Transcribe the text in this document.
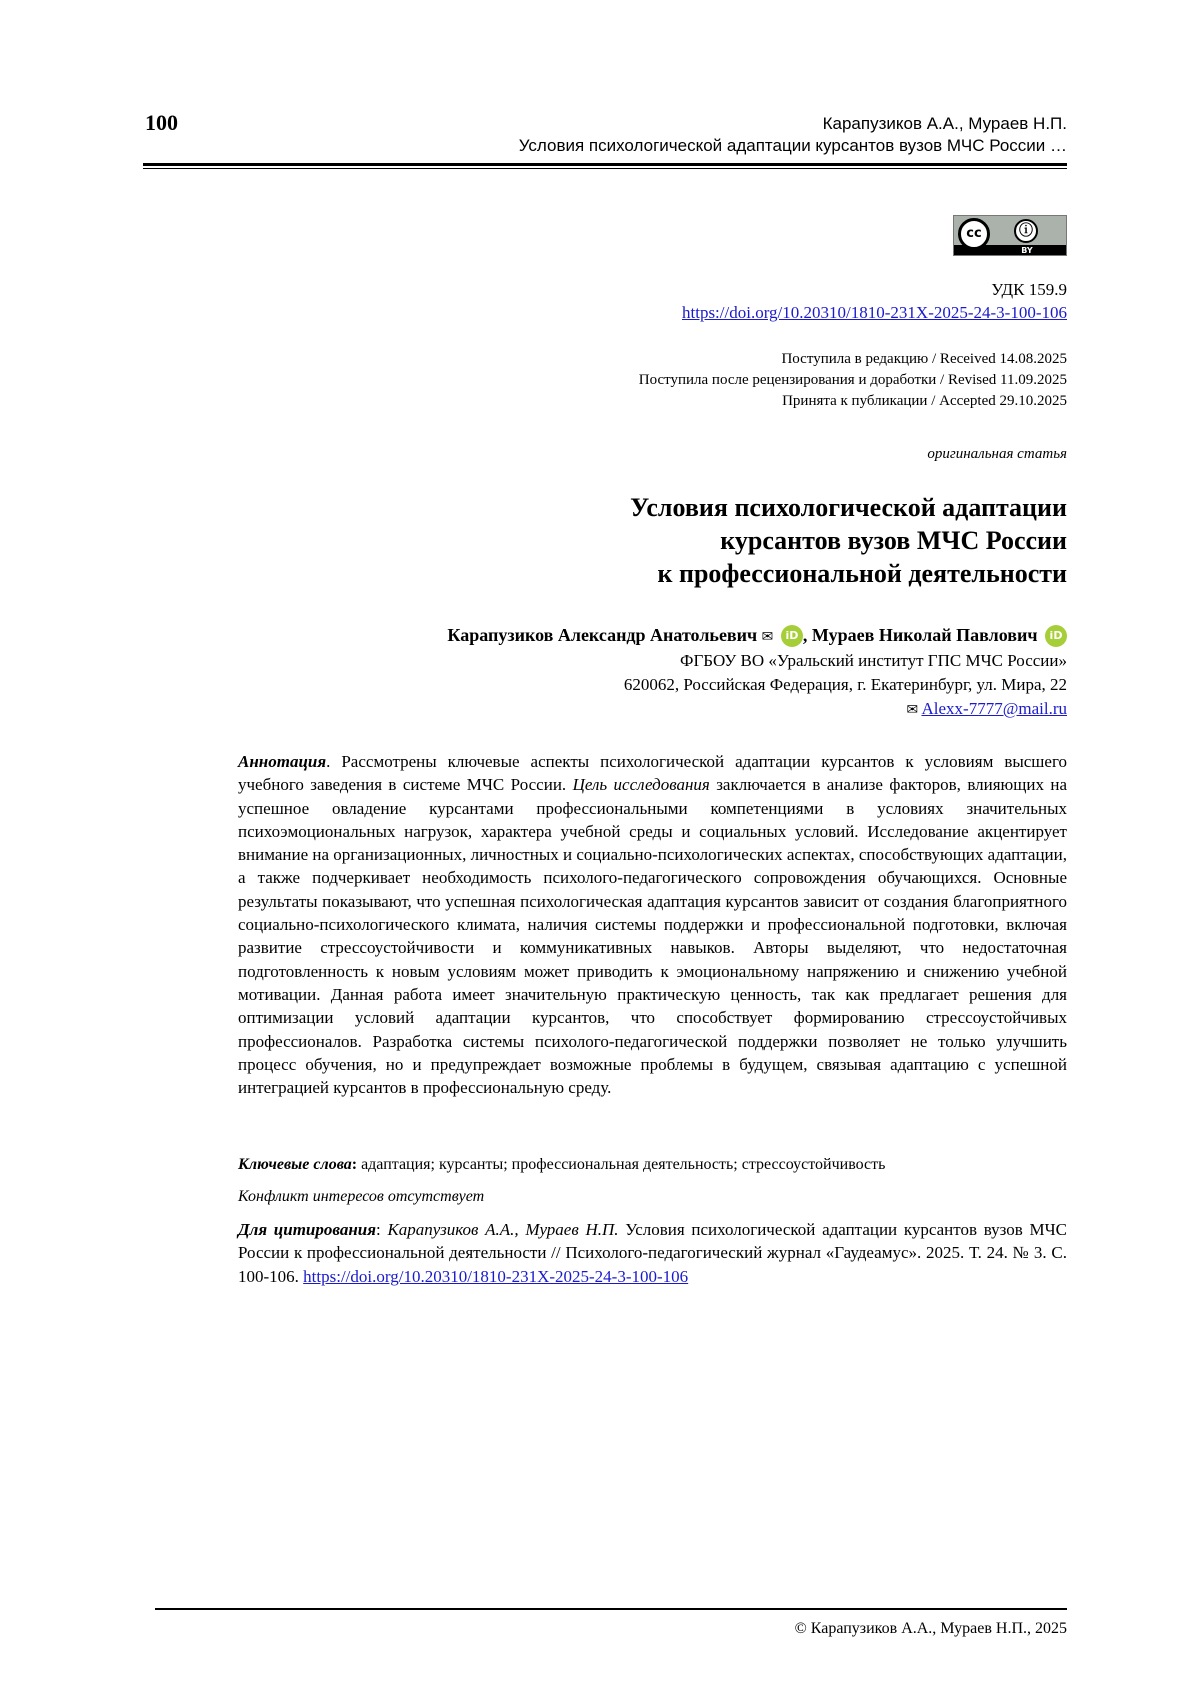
100	Карапузиков А.А., Мураев Н.П.
Условия психологической адаптации курсантов вузов МЧС России …
cc	ⓘ
BY
УДК 159.9
https://doi.org/10.20310/1810-231X-2025-24-3-100-106
Поступила в редакцию / Received 14.08.2025
Поступила после рецензирования и доработки / Revised 11.09.2025
Принята к публикации / Accepted 29.10.2025
оригинальная статья
Условия психологической адаптации
курсантов вузов МЧС России
к профессиональной деятельности
Карапузиков Александр Анатольевич ✉ iD , Мураев Николай Павлович iD
ФГБОУ ВО «Уральский институт ГПС МЧС России»
620062, Российская Федерация, г. Екатеринбург, ул. Мира, 22
✉ Alexx-7777@mail.ru
Аннотация. Рассмотрены ключевые аспекты психологической адаптации курсантов к условиям высшего учебного заведения в системе МЧС России. Цель исследования заключается в анализе факторов, влияющих на успешное овладение курсантами профессиональными компетенциями в условиях значительных психоэмоциональных нагрузок, характера учебной среды и социальных условий. Исследование акцентирует внимание на организационных, личностных и социально-психологических аспектах, способствующих адаптации, а также подчеркивает необходимость психолого-педагогического сопровождения обучающихся. Основные результаты показывают, что успешная психологическая адаптация курсантов зависит от создания благоприятного социально-психологического климата, наличия системы поддержки и профессиональной подготовки, включая развитие стрессоустойчивости и коммуникативных навыков. Авторы выделяют, что недостаточная подготовленность к новым условиям может приводить к эмоциональному напряжению и снижению учебной мотивации. Данная работа имеет значительную практическую ценность, так как предлагает решения для оптимизации условий адаптации курсантов, что способствует формированию стрессоустойчивых профессионалов. Разработка системы психолого-педагогической поддержки позволяет не только улучшить процесс обучения, но и предупреждает возможные проблемы в будущем, связывая адаптацию с успешной интеграцией курсантов в профессиональную среду.
Ключевые слова: адаптация; курсанты; профессиональная деятельность; стрессоустойчивость
Конфликт интересов отсутствует
Для цитирования: Карапузиков А.А., Мураев Н.П. Условия психологической адаптации курсантов вузов МЧС России к профессиональной деятельности // Психолого-педагогический журнал «Гаудеамус». 2025. Т. 24. № 3. С. 100-106. https://doi.org/10.20310/1810-231X-2025-24-3-100-106
© Карапузиков А.А., Мураев Н.П., 2025
